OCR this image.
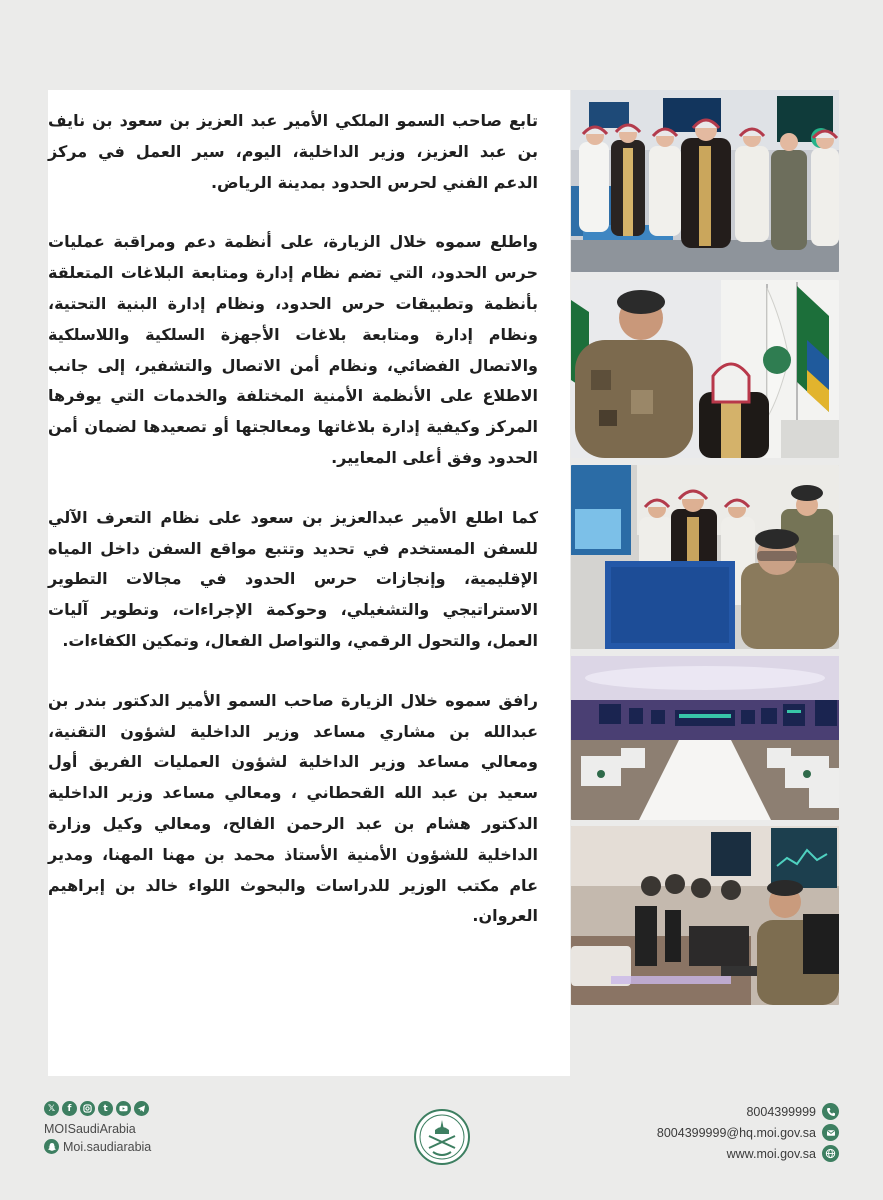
تابع صاحب السمو الملكي الأمير عبد العزيز بن سعود بن نايف بن عبد العزيز، وزير الداخلية، اليوم، سير العمل في مركز الدعم الفني لحرس الحدود بمدينة الرياض.

واطلع سموه خلال الزيارة، على أنظمة دعم ومراقبة عمليات حرس الحدود، التي تضم نظام إدارة ومتابعة البلاغات المتعلقة بأنظمة وتطبيقات حرس الحدود، ونظام إدارة البنية التحتية، ونظام إدارة ومتابعة بلاغات الأجهزة السلكية واللاسلكية والاتصال الفضائي، ونظام أمن الاتصال والتشفير، إلى جانب الاطلاع على الأنظمة الأمنية المختلفة والخدمات التي يوفرها المركز وكيفية إدارة بلاغاتها ومعالجتها أو تصعيدها لضمان أمن الحدود وفق أعلى المعايير.

كما اطلع الأمير عبدالعزيز بن سعود على نظام التعرف الآلي للسفن المستخدم في تحديد وتتبع مواقع السفن داخل المياه الإقليمية، وإنجازات حرس الحدود في مجالات التطوير الاستراتيجي والتشغيلي، وحوكمة الإجراءات، وتطوير آليات العمل، والتحول الرقمي، والتواصل الفعال، وتمكين الكفاءات.

رافق سموه خلال الزيارة صاحب السمو الأمير الدكتور بندر بن عبدالله بن مشاري مساعد وزير الداخلية لشؤون التقنية، ومعالي مساعد وزير الداخلية لشؤون العمليات الفريق أول سعيد بن عبد الله القحطاني ، ومعالي مساعد وزير الداخلية الدكتور هشام بن عبد الرحمن الفالح، ومعالي وكيل وزارة الداخلية للشؤون الأمنية الأستاذ محمد بن مهنا المهنا، ومدير عام مكتب الوزير للدراسات والبحوث اللواء خالد بن إبراهيم العروان.

𝕏	f	t
MOISaudiArabia
Moi.saudiarabia
8004399999
8004399999@hq.moi.gov.sa
www.moi.gov.sa
